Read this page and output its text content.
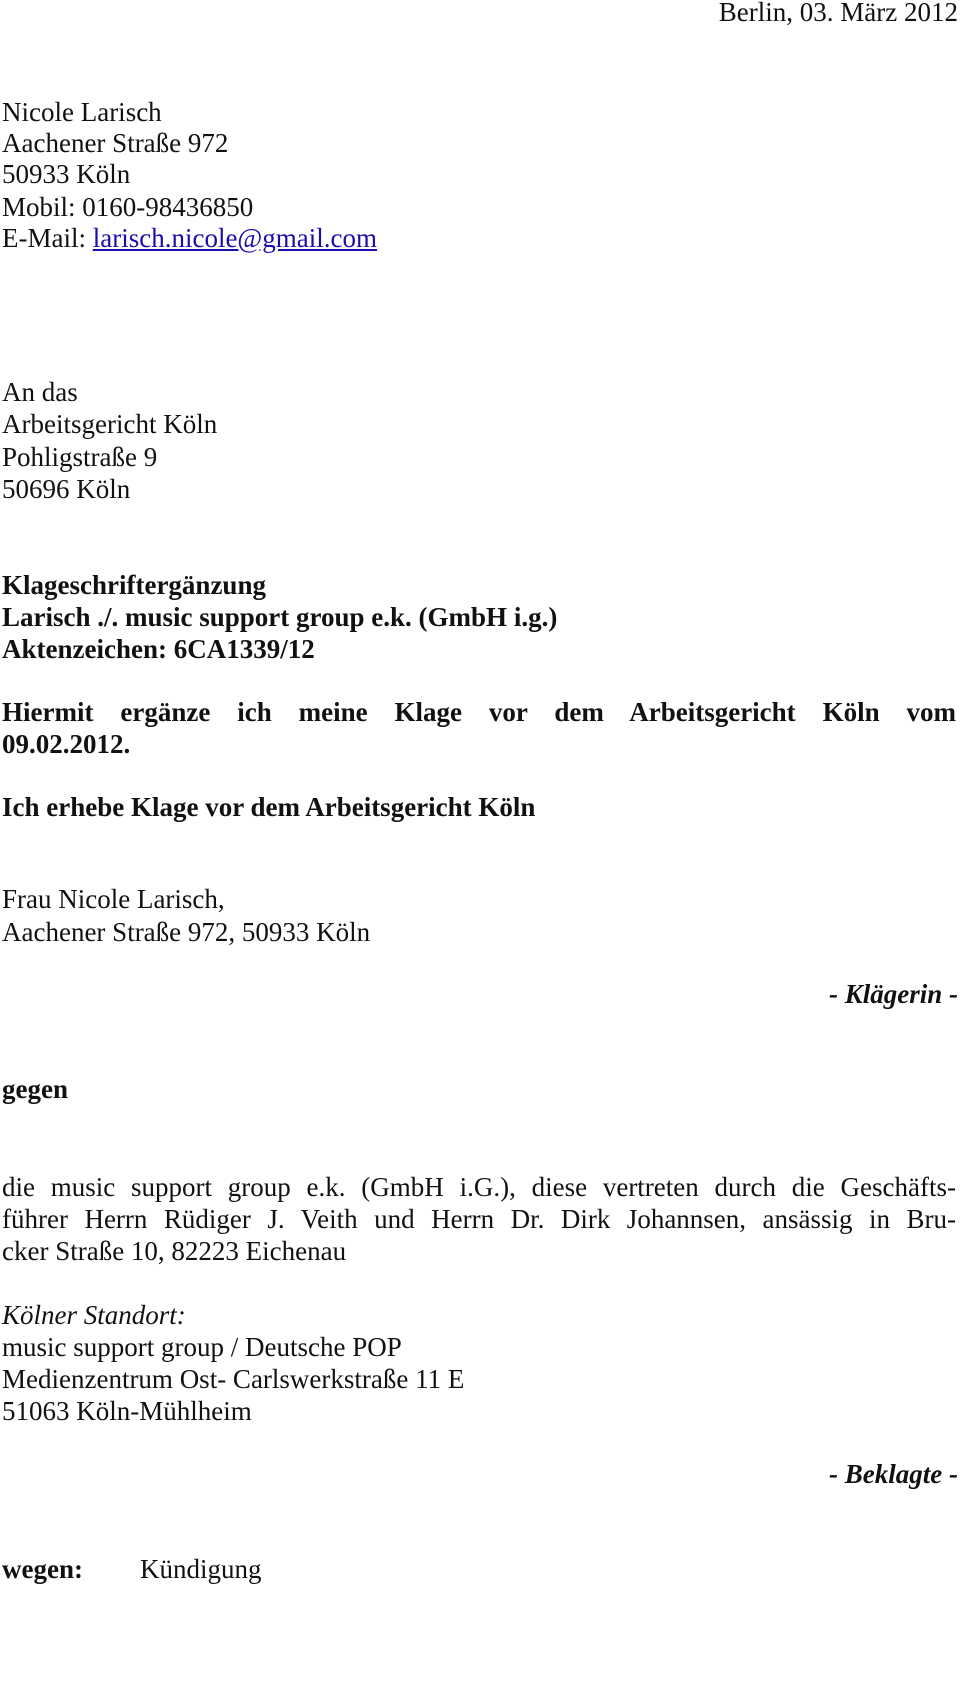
Berlin, 03. März 2012
Nicole Larisch
Aachener Straße 972
50933 Köln
Mobil: 0160-98436850
E-Mail: larisch.nicole@gmail.com
An das
Arbeitsgericht Köln
Pohligstraße 9
50696 Köln
Klageschriftergänzung
Larisch ./. music support group e.k. (GmbH i.g.)
Aktenzeichen: 6CA1339/12
Hiermit ergänze ich meine Klage vor dem Arbeitsgericht Köln vom
09.02.2012.
Ich erhebe Klage vor dem Arbeitsgericht Köln
Frau Nicole Larisch,
Aachener Straße 972, 50933 Köln
- Klägerin -
gegen
die music support group e.k. (GmbH i.G.), diese vertreten durch die Geschäfts-
führer Herrn Rüdiger J. Veith und Herrn Dr. Dirk Johannsen, ansässig in Bru-
cker Straße 10, 82223 Eichenau
Kölner Standort:
music support group / Deutsche POP
Medienzentrum Ost- Carlswerkstraße 11 E
51063 Köln-Mühlheim
- Beklagte -
wegen: Kündigung
